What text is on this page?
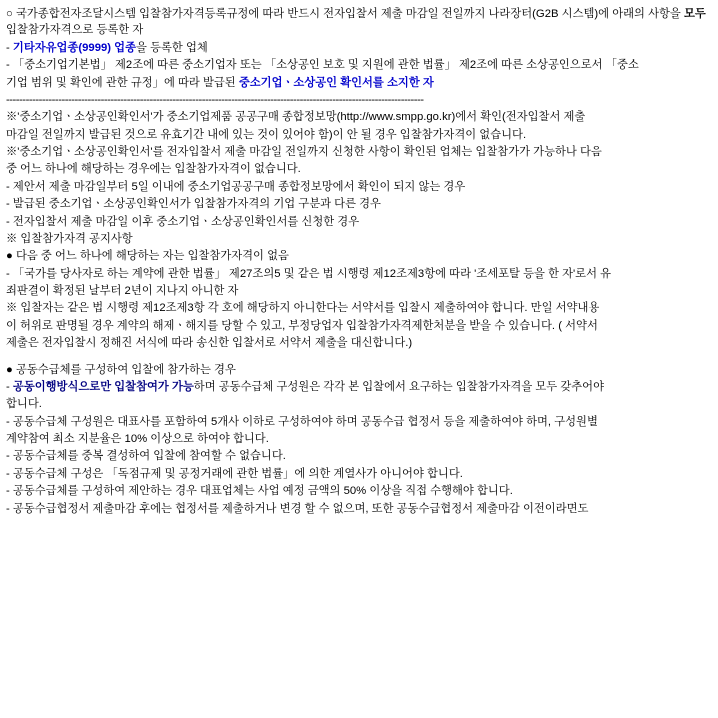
○ 국가종합전자조달시스템 입찰참가자격등록규정에 따라 반드시 전자입찰서 제출 마감일 전일까지 나라장터(G2B 시스템)에 아래의 사항을 모두 입찰참가자격으로 등록한 자

- 기타자유업종(9999) 업종을 등록한 업체

- 「중소기업기본법」 제2조에 따른 중소기업자 또는 「소상공인 보호 및 지원에 관한 법률」 제2조에 따른 소상공인으로서 「중소

기업 범위 및 확인에 관한 규정」에 따라 발급된 중소기업ㆍ소상공인 확인서를 소지한 자

--------------------------------------------------------------------------------------------------------------------------------

※'중소기업ㆍ소상공인확인서'가 중소기업제품 공공구매 종합정보망(http://www.smpp.go.kr)에서 확인(전자입찰서 제출

마감일 전일까지 발급된 것으로 유효기간 내에 있는 것이 있어야 함)이 안 될 경우 입찰참가자격이 없습니다.

※'중소기업ㆍ소상공인확인서'를 전자입찰서 제출 마감일 전일까지 신청한 사항이 확인된 업체는 입찰참가가 가능하나 다음

중 어느 하나에 해당하는 경우에는 입찰참가자격이 없습니다.

- 제안서 제출 마감일부터 5일 이내에 중소기업공공구매 종합정보망에서 확인이 되지 않는 경우

- 발급된 중소기업ㆍ소상공인확인서가 입찰참가자격의 기업 구분과 다른 경우

- 전자입찰서 제출 마감일 이후 중소기업ㆍ소상공인확인서를 신청한 경우

※ 입찰참가자격 공지사항

● 다음 중 어느 하나에 해당하는 자는 입찰참가자격이 없음

- 「국가를 당사자로 하는 계약에 관한 법률」 제27조의5 및 같은 법 시행령 제12조제3항에 따라 '조세포탈 등을 한 자'로서 유

죄판결이 확정된 날부터 2년이 지나지 아니한 자

※ 입찰자는 같은 법 시행령 제12조제3항 각 호에 해당하지 아니한다는 서약서를 입찰시 제출하여야 합니다. 만일 서약내용

이 허위로 판명될 경우 계약의 해제ㆍ해지를 당할 수 있고, 부정당업자 입찰참가자격제한처분을 받을 수 있습니다. ( 서약서

제출은 전자입찰시 정해진 서식에 따라 송신한 입찰서로 서약서 제출을 대신합니다.)

● 공동수급체를 구성하여 입찰에 참가하는 경우

- 공동이행방식으로만 입찰참여가 가능하며 공동수급체 구성원은 각각 본 입찰에서 요구하는 입찰참가자격을 모두 갖추어야

합니다.

- 공동수급체 구성원은 대표사를 포함하여 5개사 이하로 구성하여야 하며 공동수급 협정서 등을 제출하여야 하며, 구성원별

계약참여 최소 지분율은 10% 이상으로 하여야 합니다.

- 공동수급체를 중복 결성하여 입찰에 참여할 수 없습니다.

- 공동수급체 구성은 「독점규제 및 공정거래에 관한 법률」에 의한 계열사가 아니어야 합니다.

- 공동수급체를 구성하여 제안하는 경우 대표업체는 사업 예정 금액의 50% 이상을 직접 수행해야 합니다.

- 공동수급협정서 제출마감 후에는 협정서를 제출하거나 변경 할 수 없으며, 또한 공동수급협정서 제출마감 이전이라면도
